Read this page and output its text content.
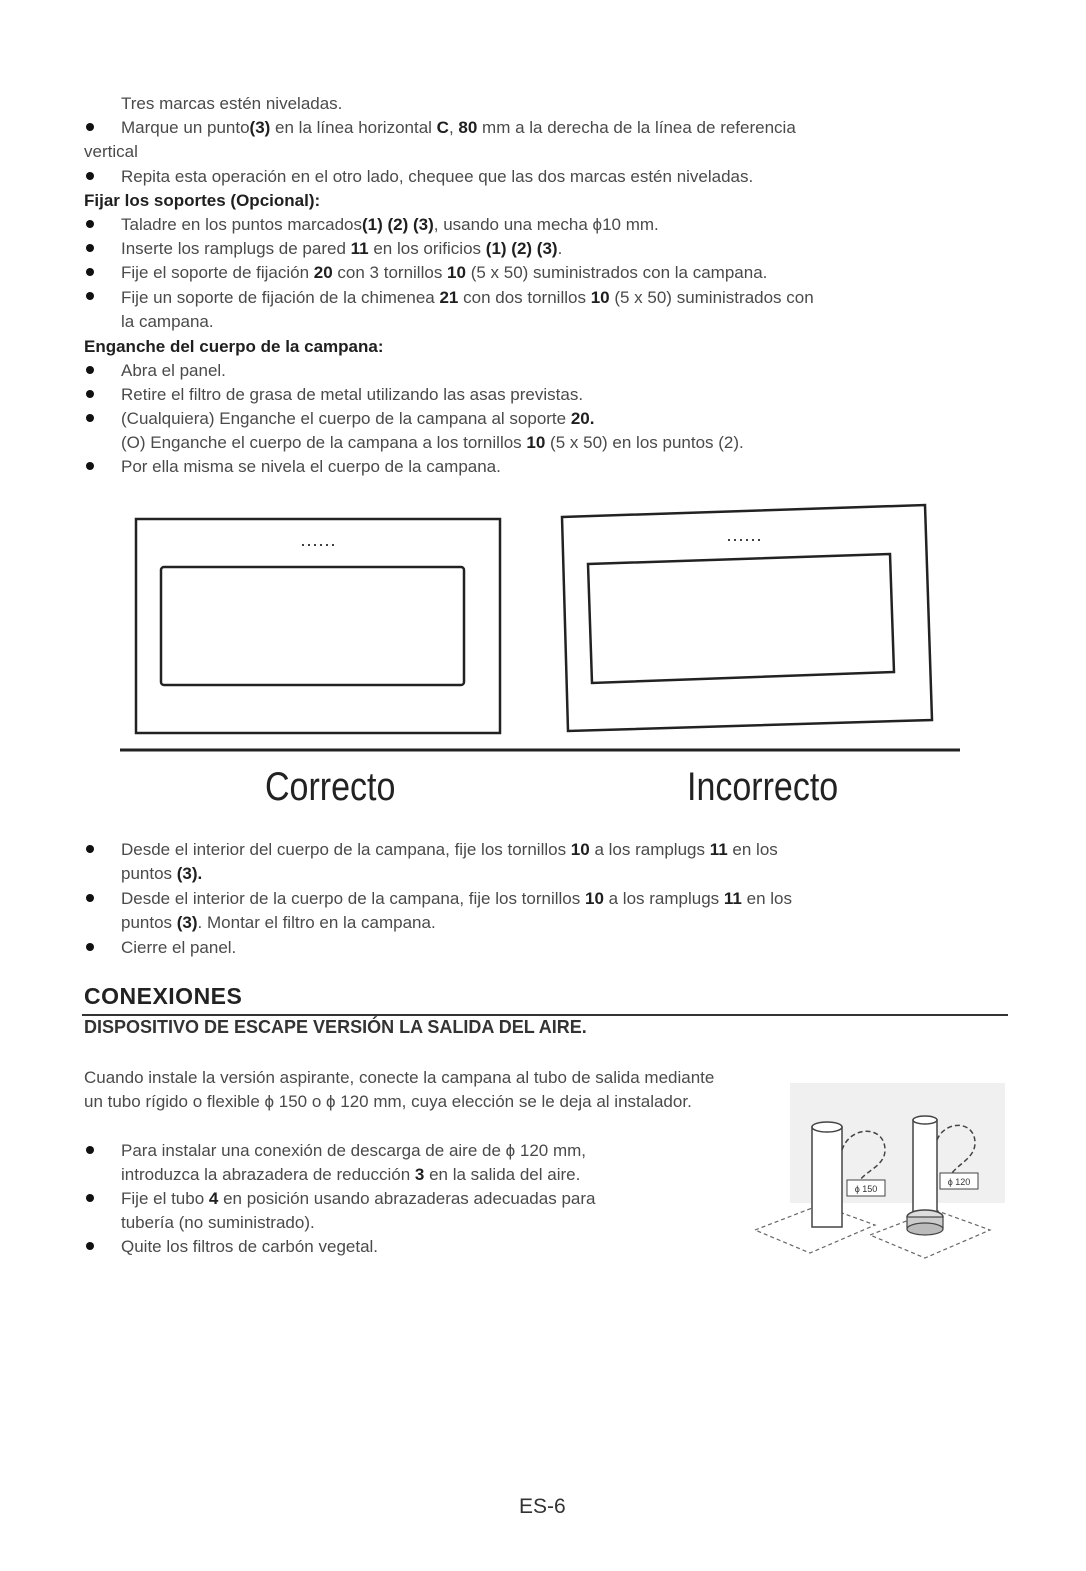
Tres marcas estén niveladas.
Marque un punto(3) en la línea horizontal C, 80 mm a la derecha de la línea de referencia
vertical
Repita esta operación en el otro lado, chequee que las dos marcas estén niveladas.
Fijar los soportes (Opcional):
Taladre en los puntos marcados(1) (2) (3), usando una mecha ϕ10 mm.
Inserte los ramplugs de pared 11 en los orificios (1) (2) (3).
Fije el soporte de fijación 20 con 3 tornillos 10 (5 x 50) suministrados con la campana.
Fije un soporte de fijación de la chimenea 21 con dos tornillos 10 (5 x 50) suministrados con
la campana.
Enganche del cuerpo de la campana:
Abra el panel.
Retire el filtro de grasa de metal utilizando las asas previstas.
(Cualquiera) Enganche el cuerpo de la campana al soporte 20.
(O) Enganche el cuerpo de la campana a los tornillos 10 (5 x 50) en los puntos (2).
Por ella misma se nivela el cuerpo de la campana.
······	······
Correcto	Incorrecto
Desde el interior del cuerpo de la campana, fije los tornillos 10 a los ramplugs 11 en los
puntos (3).
Desde el interior de la cuerpo de la campana, fije los tornillos 10 a los ramplugs 11 en los
puntos (3). Montar el filtro en la campana.
Cierre el panel.
CONEXIONES
DISPOSITIVO DE ESCAPE VERSIÓN LA SALIDA DEL AIRE.
Cuando instale la versión aspirante, conecte la campana al tubo de salida mediante un tubo rígido o flexible ϕ 150 o ϕ 120 mm, cuya elección se le deja al instalador.
Para instalar una conexión de descarga de aire de ϕ 120 mm,
introduzca la abrazadera de reducción 3 en la salida del aire.
Fije el tubo 4 en posición usando abrazaderas adecuadas para
tubería (no suministrado).
Quite los filtros de carbón vegetal.
ϕ 150
ϕ 120
ES-6
